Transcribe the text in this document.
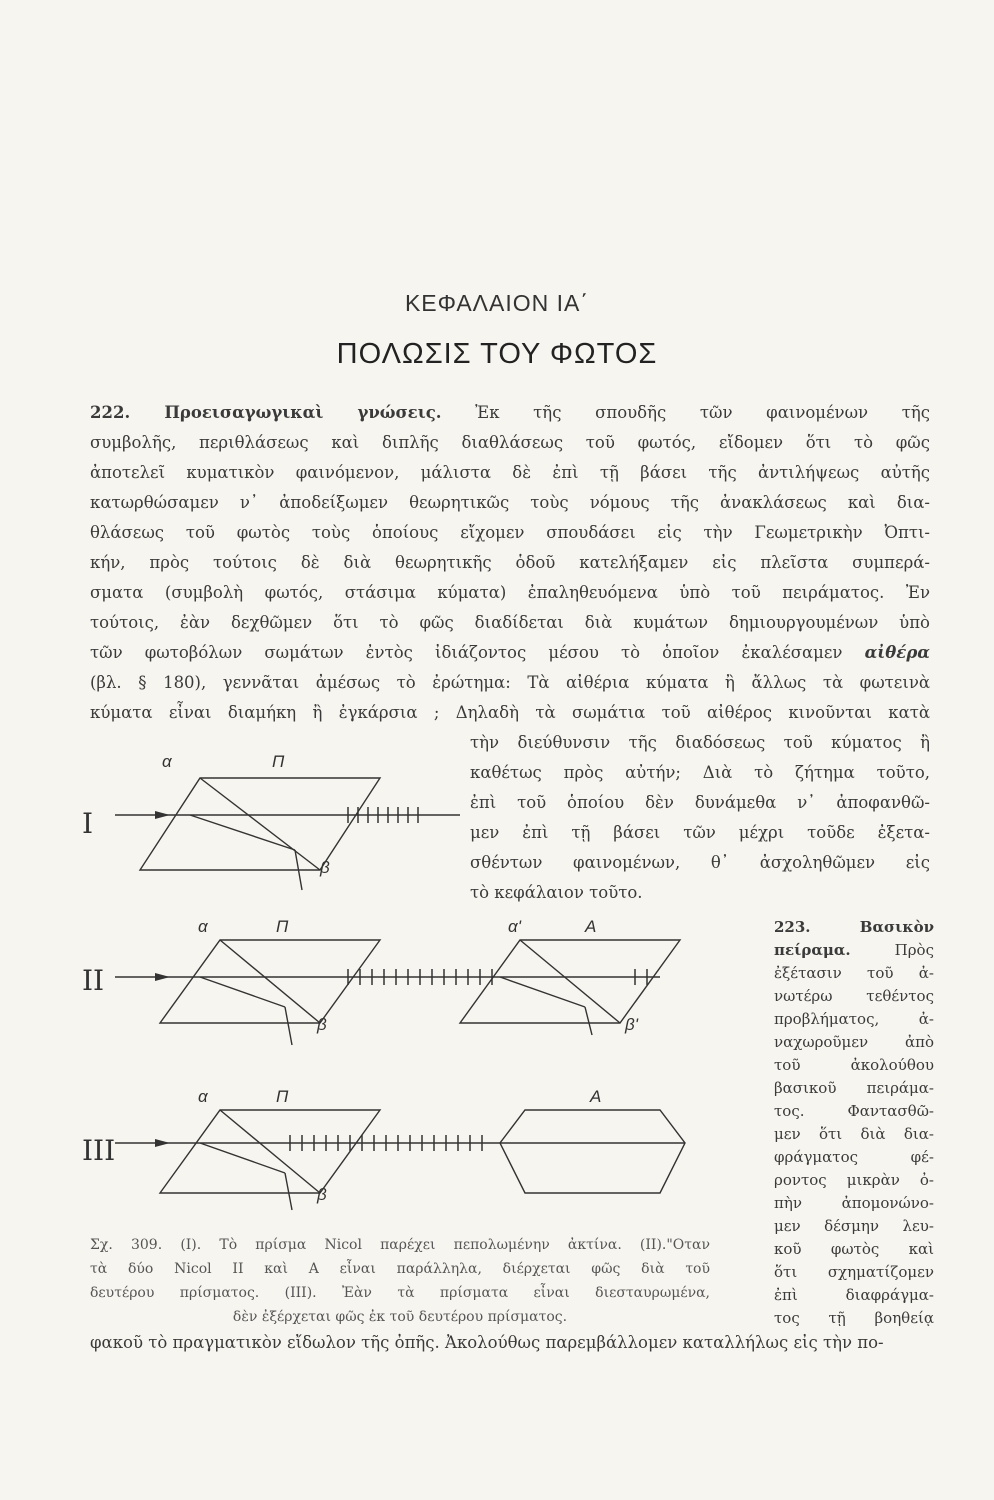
ΚΕΦΑΛΑΙΟΝ ΙΑ΄
ΠΟΛΩΣΙΣ ΤΟΥ ΦΩΤΟΣ
222. Προεισαγωγικαὶ γνώσεις. Ἐκ τῆς σπουδῆς τῶν φαινομένων τῆς
συμβολῆς, περιθλάσεως καὶ διπλῆς διαθλάσεως τοῦ φωτός, εἴδομεν ὅτι τὸ φῶς
ἀποτελεῖ κυματικὸν φαινόμενον, μάλιστα δὲ ἐπὶ τῇ βάσει τῆς ἀντιλήψεως αὐτῆς
κατωρθώσαμεν ν᾽ ἀποδείξωμεν θεωρητικῶς τοὺς νόμους τῆς ἀνακλάσεως καὶ δια-
θλάσεως τοῦ φωτὸς τοὺς ὁποίους εἴχομεν σπουδάσει εἰς τὴν Γεωμετρικὴν Ὀπτι-
κήν, πρὸς τούτοις δὲ διὰ θεωρητικῆς ὁδοῦ κατελήξαμεν εἰς πλεῖστα συμπερά-
σματα (συμβολὴ φωτός, στάσιμα κύματα) ἐπαληθευόμενα ὑπὸ τοῦ πειράματος. Ἐν
τούτοις, ἐὰν δεχθῶμεν ὅτι τὸ φῶς διαδίδεται διὰ κυμάτων δημιουργουμένων ὑπὸ
τῶν φωτοβόλων σωμάτων ἐντὸς ἰδιάζοντος μέσου τὸ ὁποῖον ἐκαλέσαμεν αἰθέρα
(βλ. § 180), γεννᾶται ἀμέσως τὸ ἐρώτημα: Τὰ αἰθέρια κύματα ἢ ἄλλως τὰ φωτεινὰ
κύματα εἶναι διαμήκη ἢ ἐγκάρσια ; Δηλαδὴ τὰ σωμάτια τοῦ αἰθέρος κινοῦνται κατὰ
τὴν διεύθυνσιν τῆς διαδόσεως τοῦ κύματος ἢ
καθέτως πρὸς αὐτήν; Διὰ τὸ ζήτημα τοῦτο,
ἐπὶ τοῦ ὁποίου δὲν δυνάμεθα ν᾽ ἀποφανθῶ-
μεν ἐπὶ τῇ βάσει τῶν μέχρι τοῦδε ἐξετα-
σθέντων φαινομένων, θ᾽ ἀσχοληθῶμεν εἰς
τὸ κεφάλαιον τοῦτο.
223. Βασικὸν
πείραμα.	Πρὸς
ἐξέτασιν τοῦ ἀ-
νωτέρω τεθέντος
προβλήματος, ἀ-
ναχωροῦμεν ἀπὸ
τοῦ ἀκολούθου
βασικοῦ πειράμα-
τος. Φαντασθῶ-
μεν ὅτι διὰ δια-
φράγματος φέ-
ροντος μικρὰν ὀ-
πὴν ἀπομονώνο-
μεν δέσμην λευ-
κοῦ φωτὸς καὶ
ὅτι σχηματίζομεν
ἐπὶ διαφράγμα-
τος τῇ βοηθείᾳ
φακοῦ τὸ πραγματικὸν εἴδωλον τῆς ὀπῆς. Ἀκολούθως παρεμβάλλομεν καταλλήλως εἰς τὴν πο-
I
α	Π
β
II
α	Π	α'	Α
β	β'
III
α	Π	Α
β
Σχ. 309. (I). Τὸ πρίσμα Nicol παρέχει πεπολωμένην ἀκτίνα. (II)."Οταν
τὰ δύο Nicol II καὶ Α εἶναι παράλληλα, διέρχεται φῶς διὰ τοῦ
δευτέρου πρίσματος. (III). Ἐὰν τὰ πρίσματα εἶναι διεσταυρωμένα,
δὲν ἐξέρχεται φῶς ἐκ τοῦ δευτέρου πρίσματος.
